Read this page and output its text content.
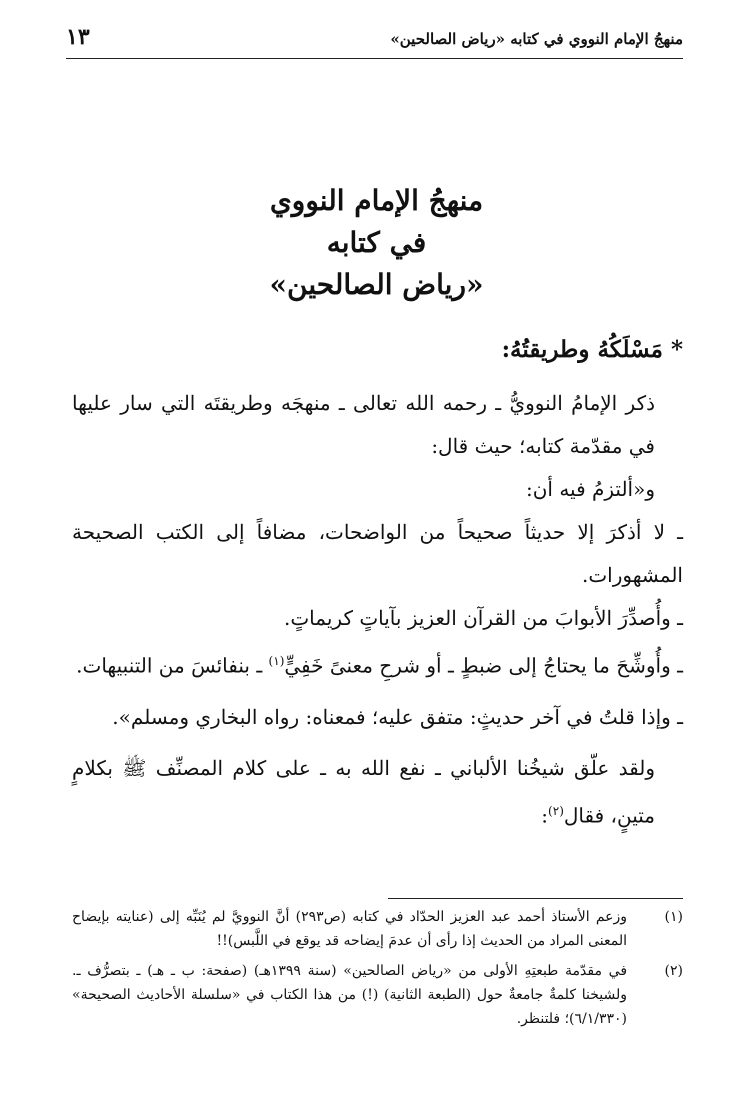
منهجُ الإمام النووي في كتابه «رياض الصالحين»
١٣
منهجُ الإمام النووي
في كتابه
«رياض الصالحين»
* مَسْلَكُهُ وطريقتُهُ:

ذكر الإمامُ النوويُّ ـ رحمه الله تعالى ـ منهجَه وطريقتَه التي سار عليها في مقدّمة كتابه؛ حيث قال:

و«ألتزمُ فيه أن:

ـ لا أذكرَ إلا حديثاً صحيحاً من الواضحات، مضافاً إلى الكتب الصحيحة المشهورات.

ـ وأُصدِّرَ الأبوابَ من القرآن العزيز بآياتٍ كريماتٍ.

ـ وأُوشِّحَ ما يحتاجُ إلى ضبطٍ ـ أو شرحِ معنىً خَفِيٍّ$^{(١)}$ ـ بنفائسَ من التنبيهات.

ـ وإذا قلتُ في آخر حديثٍ: متفق عليه؛ فمعناه: رواه البخاري ومسلم».

ولقد علّق شيخُنا الألباني ـ نفع الله به ـ على كلام المصنِّف ﷺ بكلامٍ متينٍ، فقال$^{(٢)}$:

(١)
وزعم الأستاذ أحمد عبد العزيز الحدّاد في كتابه (ص٢٩٣) أنَّ النوويَّ لم يُنَبِّه إلى (عنايته بإيضاح المعنى المراد من الحديث إذا رأى أن عدمَ إيضاحه قد يوقع في اللَّبس)!!
(٢)
في مقدّمة طبعتِهِ الأولى من «رياض الصالحين» (سنة ١٣٩٩هـ) (صفحة: ب ـ هـ) ـ بتصرُّف ـ. ولشيخنا كلمةٌ جامعةٌ حول (الطبعة الثانية) (!) من هذا الكتاب في «سلسلة الأحاديث الصحيحة» (٦/١/٣٣٠)؛ فلتنظر.
